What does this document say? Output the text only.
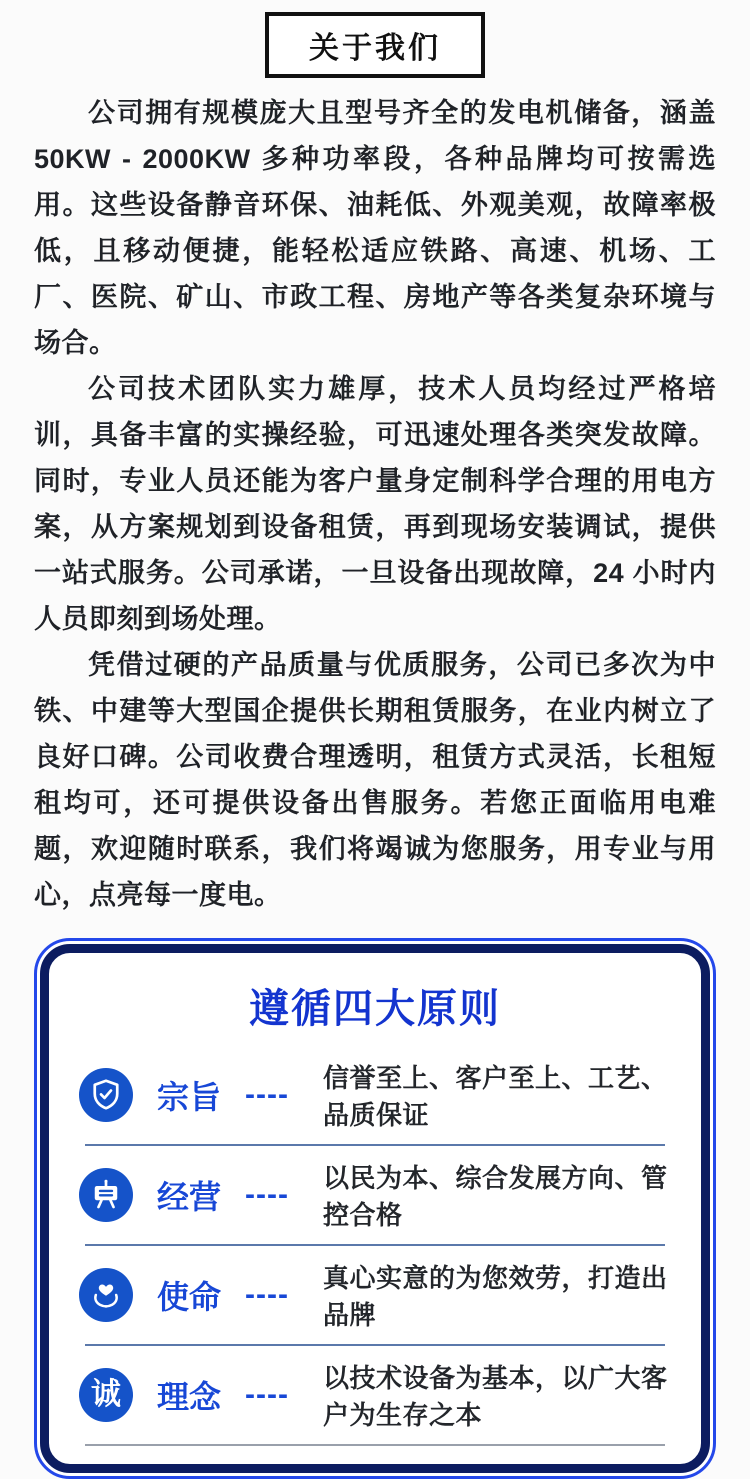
关于我们

公司拥有规模庞大且型号齐全的发电机储备，涵盖50KW - 2000KW 多种功率段，各种品牌均可按需选用。这些设备静音环保、油耗低、外观美观，故障率极低，且移动便捷，能轻松适应铁路、高速、机场、工厂、医院、矿山、市政工程、房地产等各类复杂环境与场合。

公司技术团队实力雄厚，技术人员均经过严格培训，具备丰富的实操经验，可迅速处理各类突发故障。同时，专业人员还能为客户量身定制科学合理的用电方案，从方案规划到设备租赁，再到现场安装调试，提供一站式服务。公司承诺，一旦设备出现故障，24 小时内人员即刻到场处理。

凭借过硬的产品质量与优质服务，公司已多次为中铁、中建等大型国企提供长期租赁服务，在业内树立了良好口碑。公司收费合理透明，租赁方式灵活，长租短租均可，还可提供设备出售服务。若您正面临用电难题，欢迎随时联系，我们将竭诚为您服务，用专业与用心，点亮每一度电。

遵循四大原则
宗旨 ---- 信誉至上、客户至上、工艺、品质保证
经营 ---- 以民为本、综合发展方向、管控合格
使命 ---- 真心实意的为您效劳，打造出品牌
诚 理念 ---- 以技术设备为基本，以广大客户为生存之本
